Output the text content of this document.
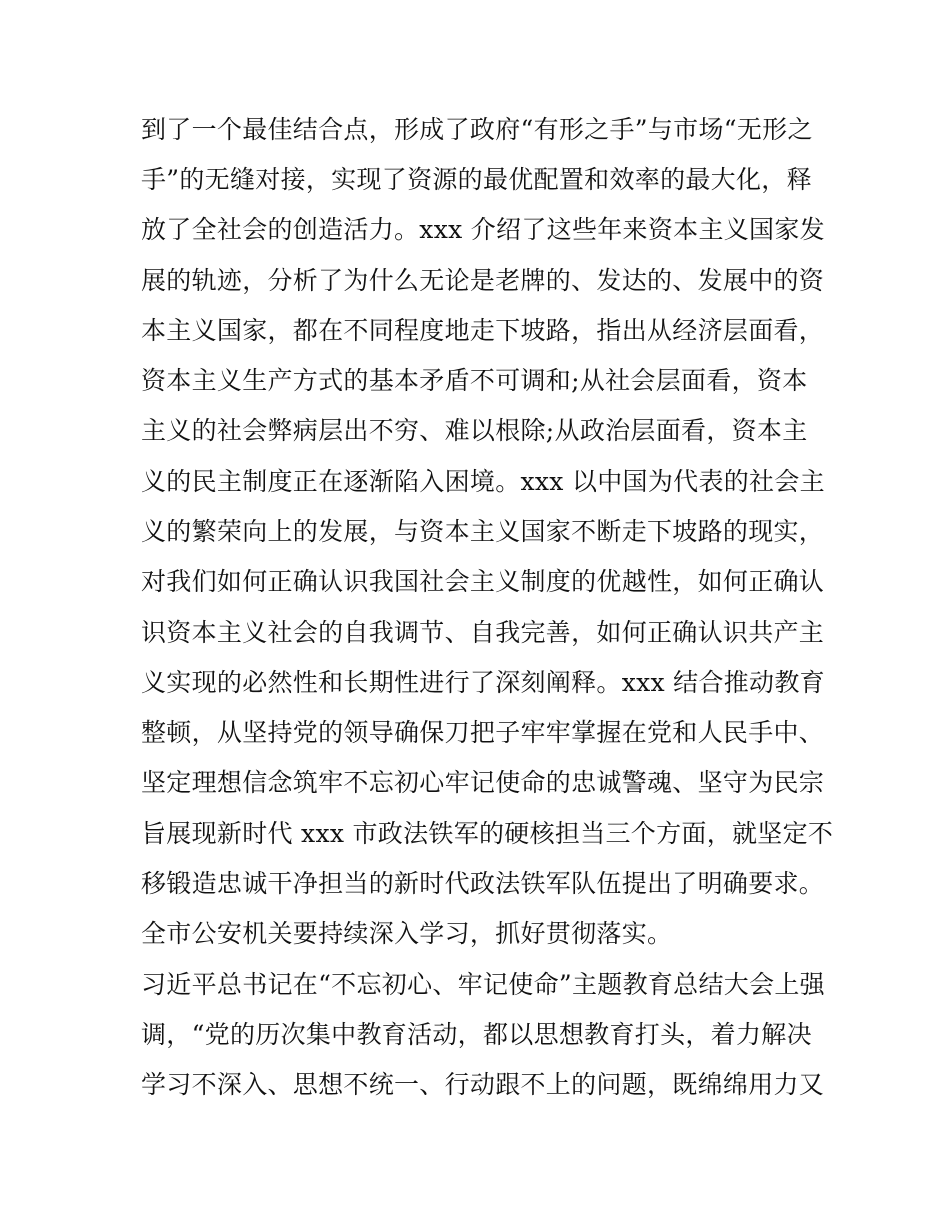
到了一个最佳结合点，形成了政府“有形之手”与市场“无形之
手”的无缝对接，实现了资源的最优配置和效率的最大化，释
放了全社会的创造活力。xxx 介绍了这些年来资本主义国家发
展的轨迹，分析了为什么无论是老牌的、发达的、发展中的资
本主义国家，都在不同程度地走下坡路，指出从经济层面看，
资本主义生产方式的基本矛盾不可调和;从社会层面看，资本
主义的社会弊病层出不穷、难以根除;从政治层面看，资本主
义的民主制度正在逐渐陷入困境。xxx 以中国为代表的社会主
义的繁荣向上的发展，与资本主义国家不断走下坡路的现实，
对我们如何正确认识我国社会主义制度的优越性，如何正确认
识资本主义社会的自我调节、自我完善，如何正确认识共产主
义实现的必然性和长期性进行了深刻阐释。xxx 结合推动教育
整顿，从坚持党的领导确保刀把子牢牢掌握在党和人民手中、
坚定理想信念筑牢不忘初心牢记使命的忠诚警魂、坚守为民宗
旨展现新时代 xxx 市政法铁军的硬核担当三个方面，就坚定不
移锻造忠诚干净担当的新时代政法铁军队伍提出了明确要求。
全市公安机关要持续深入学习，抓好贯彻落实。
习近平总书记在“不忘初心、牢记使命”主题教育总结大会上强
调，“党的历次集中教育活动，都以思想教育打头，着力解决
学习不深入、思想不统一、行动跟不上的问题，既绵绵用力又
